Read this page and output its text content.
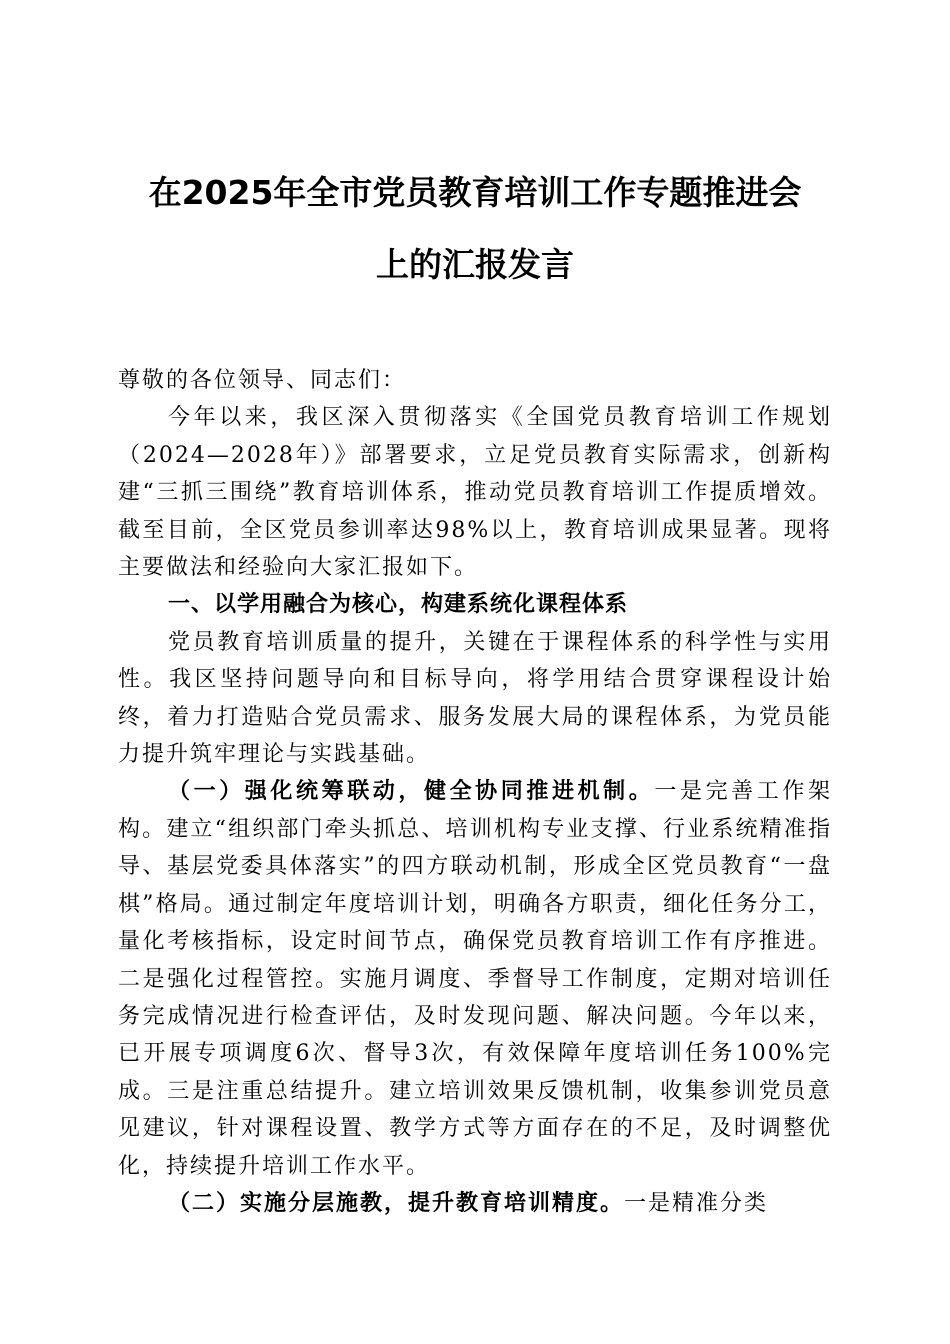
在2025年全市党员教育培训工作专题推进会
上的汇报发言

尊敬的各位领导、同志们：

今年以来，我区深入贯彻落实《全国党员教育培训工作规划（2024—2028年）》部署要求，立足党员教育实际需求，创新构建“三抓三围绕”教育培训体系，推动党员教育培训工作提质增效。截至目前，全区党员参训率达98%以上，教育培训成果显著。现将主要做法和经验向大家汇报如下。

一、以学用融合为核心，构建系统化课程体系

党员教育培训质量的提升，关键在于课程体系的科学性与实用性。我区坚持问题导向和目标导向，将学用结合贯穿课程设计始终，着力打造贴合党员需求、服务发展大局的课程体系，为党员能力提升筑牢理论与实践基础。

（一）强化统筹联动，健全协同推进机制。一是完善工作架构。建立“组织部门牵头抓总、培训机构专业支撑、行业系统精准指导、基层党委具体落实”的四方联动机制，形成全区党员教育“一盘棋”格局。通过制定年度培训计划，明确各方职责，细化任务分工，量化考核指标，设定时间节点，确保党员教育培训工作有序推进。二是强化过程管控。实施月调度、季督导工作制度，定期对培训任务完成情况进行检查评估，及时发现问题、解决问题。今年以来，已开展专项调度6次、督导3次，有效保障年度培训任务100%完成。三是注重总结提升。建立培训效果反馈机制，收集参训党员意见建议，针对课程设置、教学方式等方面存在的不足，及时调整优化，持续提升培训工作水平。

（二）实施分层施教，提升教育培训精度。一是精准分类
